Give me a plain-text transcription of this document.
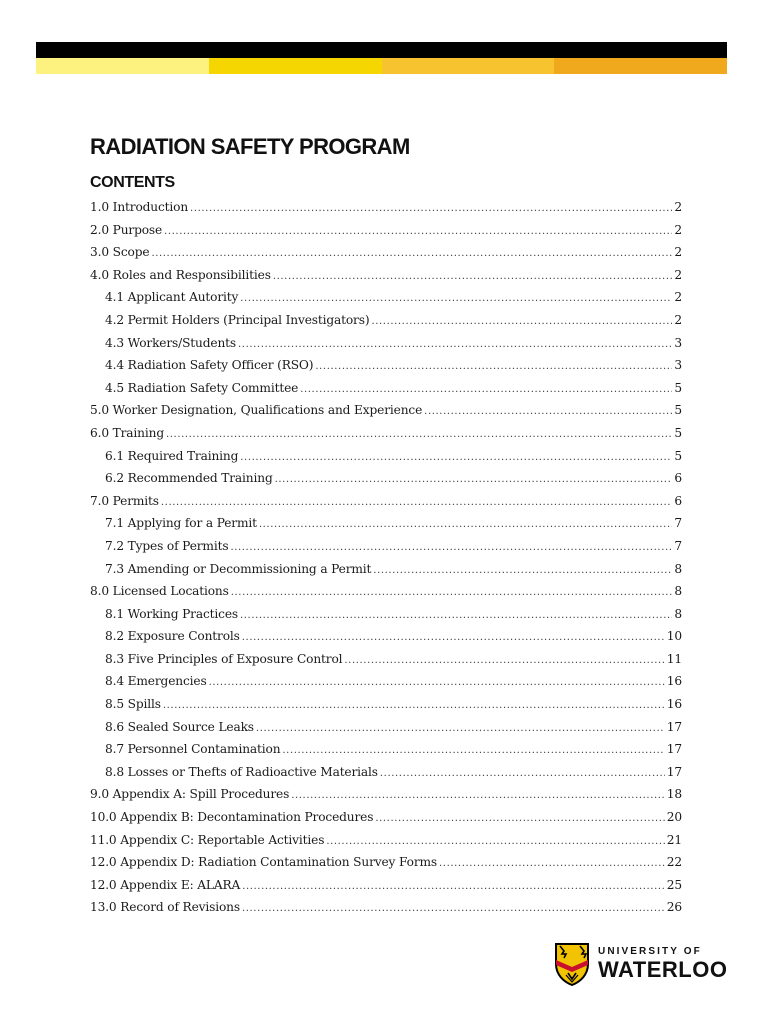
RADIATION SAFETY PROGRAM
CONTENTS
1.0 Introduction .....	2
2.0 Purpose .....	2
3.0 Scope .....	2
4.0 Roles and Responsibilities .....	2
4.1 Applicant Autority .....	2
4.2 Permit Holders (Principal Investigators) .....	2
4.3 Workers/Students .....	3
4.4 Radiation Safety Officer (RSO) .....	3
4.5 Radiation Safety Committee .....	5
5.0 Worker Designation, Qualifications and Experience .....	5
6.0 Training .....	5
6.1 Required Training .....	5
6.2 Recommended Training .....	6
7.0 Permits .....	6
7.1 Applying for a Permit .....	7
7.2 Types of Permits .....	7
7.3 Amending or Decommissioning a Permit .....	8
8.0 Licensed Locations .....	8
8.1 Working Practices .....	8
8.2 Exposure Controls .....	10
8.3 Five Principles of Exposure Control .....	11
8.4 Emergencies .....	16
8.5 Spills .....	16
8.6 Sealed Source Leaks .....	17
8.7 Personnel Contamination .....	17
8.8 Losses or Thefts of Radioactive Materials .....	17
9.0 Appendix A: Spill Procedures .....	18
10.0 Appendix B: Decontamination Procedures .....	20
11.0 Appendix C: Reportable Activities .....	21
12.0 Appendix D: Radiation Contamination Survey Forms .....	22
12.0 Appendix E: ALARA .....	25
13.0 Record of Revisions .....	26
UNIVERSITY OF
WATERLOO
